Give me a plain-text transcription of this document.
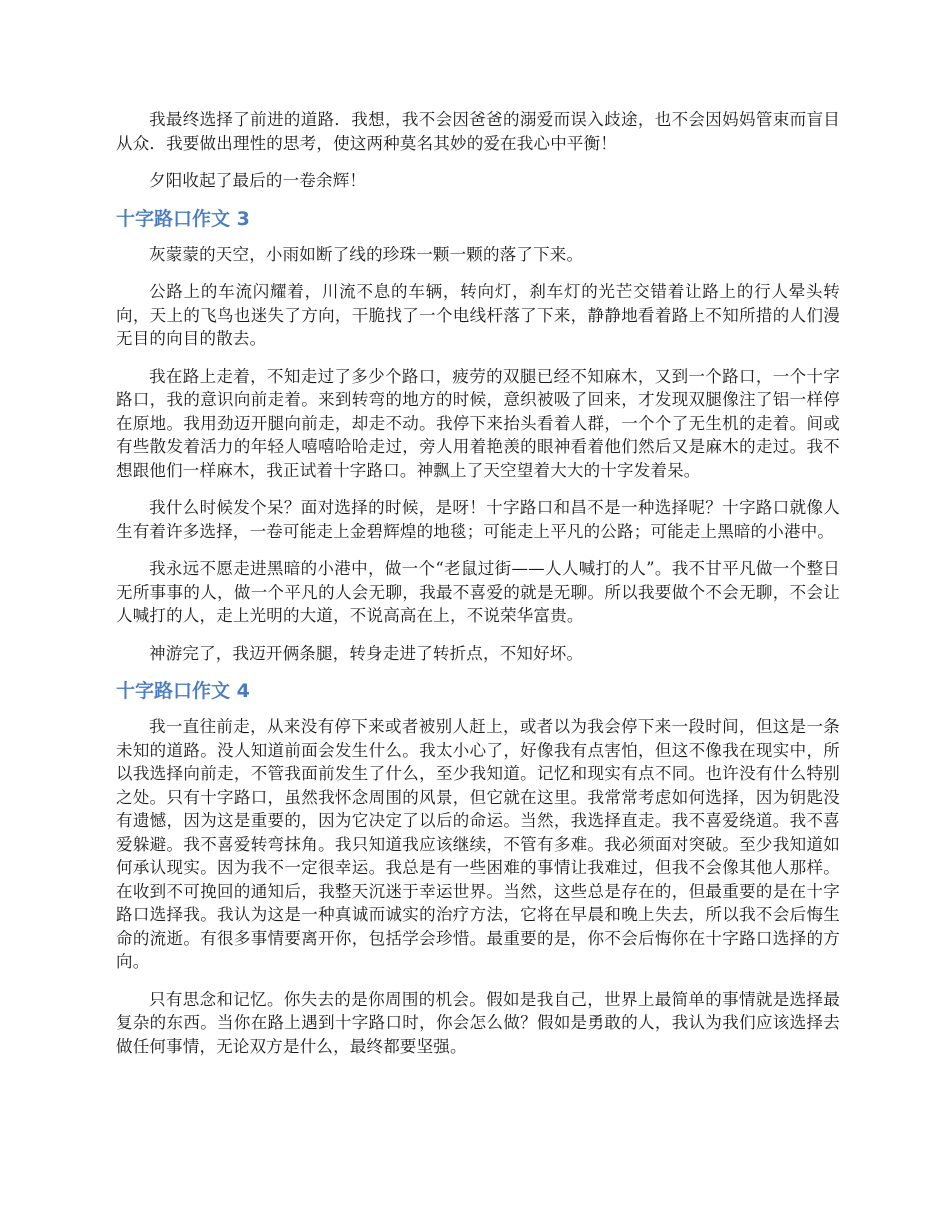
我最终选择了前进的道路．我想，我不会因爸爸的溺爱而误入歧途，也不会因妈妈管束而盲目从众．我要做出理性的思考，使这两种莫名其妙的爱在我心中平衡！

夕阳收起了最后的一卷余辉！

十字路口作文 3

灰蒙蒙的天空，小雨如断了线的珍珠一颗一颗的落了下来。

公路上的车流闪耀着，川流不息的车辆，转向灯，刹车灯的光芒交错着让路上的行人晕头转向，天上的飞鸟也迷失了方向，干脆找了一个电线杆落了下来，静静地看着路上不知所措的人们漫无目的向目的散去。

我在路上走着，不知走过了多少个路口，疲劳的双腿已经不知麻木，又到一个路口，一个十字路口，我的意识向前走着。来到转弯的地方的时候，意织被吸了回来，才发现双腿像注了铝一样停在原地。我用劲迈开腿向前走，却走不动。我停下来抬头看着人群，一个个了无生机的走着。间或有些散发着活力的年轻人嘻嘻哈哈走过，旁人用着艳羡的眼神看着他们然后又是麻木的走过。我不想跟他们一样麻木，我正试着十字路口。神飘上了天空望着大大的十字发着呆。

我什么时候发个呆？面对选择的时候，是呀！十字路口和昌不是一种选择呢？十字路口就像人生有着许多选择，一卷可能走上金碧辉煌的地毯；可能走上平凡的公路；可能走上黑暗的小港中。

我永远不愿走进黑暗的小港中，做一个“老鼠过街——人人喊打的人”。我不甘平凡做一个整日无所事事的人，做一个平凡的人会无聊，我最不喜爱的就是无聊。所以我要做个不会无聊，不会让人喊打的人，走上光明的大道，不说高高在上，不说荣华富贵。

神游完了，我迈开俩条腿，转身走进了转折点，不知好坏。

十字路口作文 4

我一直往前走，从来没有停下来或者被别人赶上，或者以为我会停下来一段时间，但这是一条未知的道路。没人知道前面会发生什么。我太小心了，好像我有点害怕，但这不像我在现实中，所以我选择向前走，不管我面前发生了什么，至少我知道。记忆和现实有点不同。也许没有什么特别之处。只有十字路口，虽然我怀念周围的风景，但它就在这里。我常常考虑如何选择，因为钥匙没有遗憾，因为这是重要的，因为它决定了以后的命运。当然，我选择直走。我不喜爱绕道。我不喜爱躲避。我不喜爱转弯抹角。我只知道我应该继续，不管有多难。我必须面对突破。至少我知道如何承认现实。因为我不一定很幸运。我总是有一些困难的事情让我难过，但我不会像其他人那样。在收到不可挽回的通知后，我整天沉迷于幸运世界。当然，这些总是存在的，但最重要的是在十字路口选择我。我认为这是一种真诚而诚实的治疗方法，它将在早晨和晚上失去，所以我不会后悔生命的流逝。有很多事情要离开你，包括学会珍惜。最重要的是，你不会后悔你在十字路口选择的方向。

只有思念和记忆。你失去的是你周围的机会。假如是我自己，世界上最简单的事情就是选择最复杂的东西。当你在路上遇到十字路口时，你会怎么做？假如是勇敢的人，我认为我们应该选择去做任何事情，无论双方是什么，最终都要坚强。
